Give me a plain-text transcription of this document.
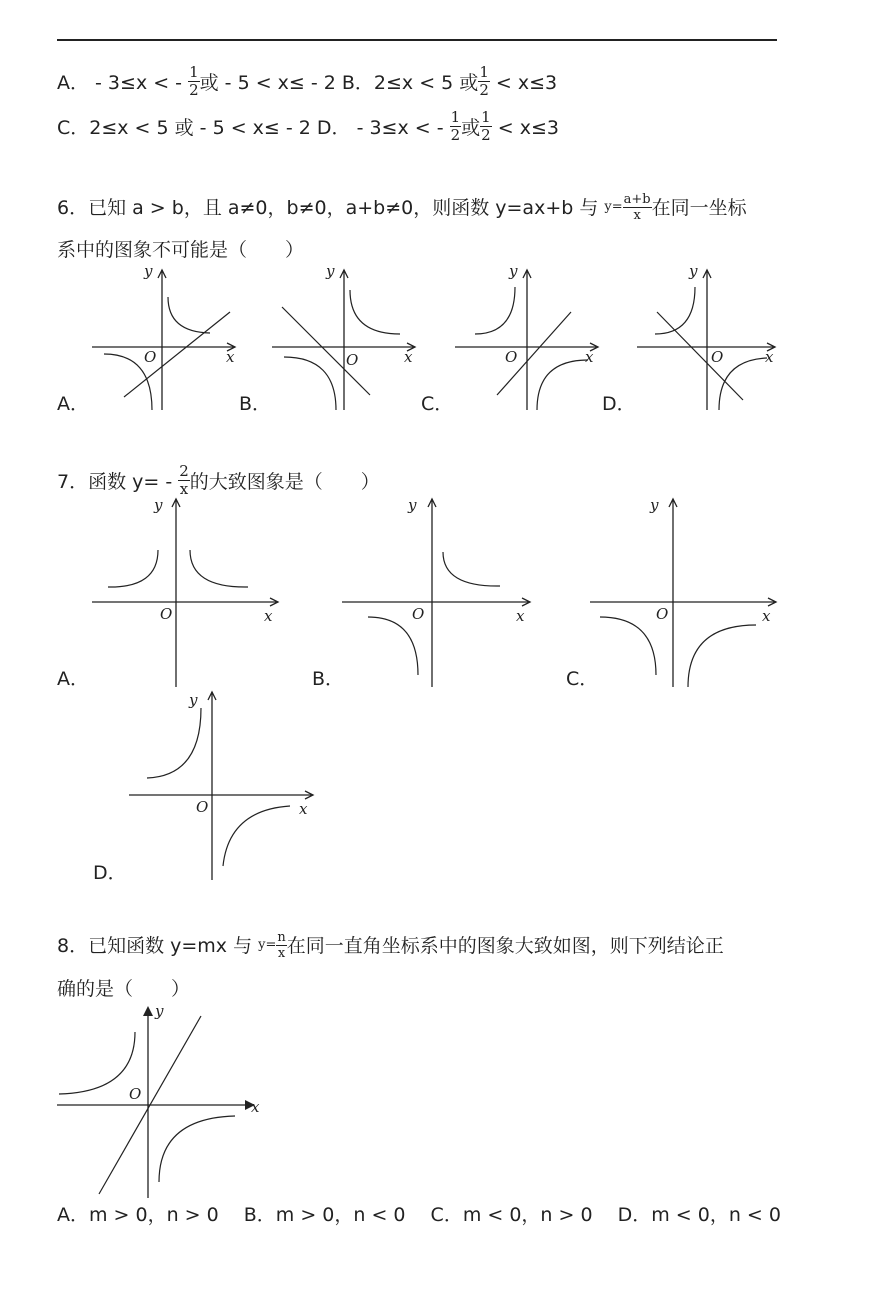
A． - 3≤x < - $\frac{1}{2}$ 或 - 5 < x≤ - 2 B．2≤x < 5 或 $\frac{1}{2} < x\le 3$
C．2≤x < 5 或 - 5 < x≤ - 2 D． - 3≤x < - $\frac{1}{2}$ 或 $\frac{1}{2} < x\le 3$
6．已知 a > b，且 a≠0，b≠0，a+b≠0，则函数 y=ax+b 与 $y= \frac{a+b}{x}$ 在同一坐标
系中的图象不可能是（　　）
O	x
y
A．
O	x
y
B．
O	x
y
C．
O	x
y
D．
7．函数 $y= - \frac{2}{x}$ 的大致图象是（　　）
O	x
y
A．
O	x
y
B．
O	x
y
C．
O	x
y
D．
8．已知函数 y=mx 与 $y= \frac{n}{x}$ 在同一直角坐标系中的图象大致如图，则下列结论正
确的是（　　）
O
x
y
A．m > 0，n > 0　 B．m > 0，n < 0　 C．m < 0，n > 0　 D．m < 0，n < 0
